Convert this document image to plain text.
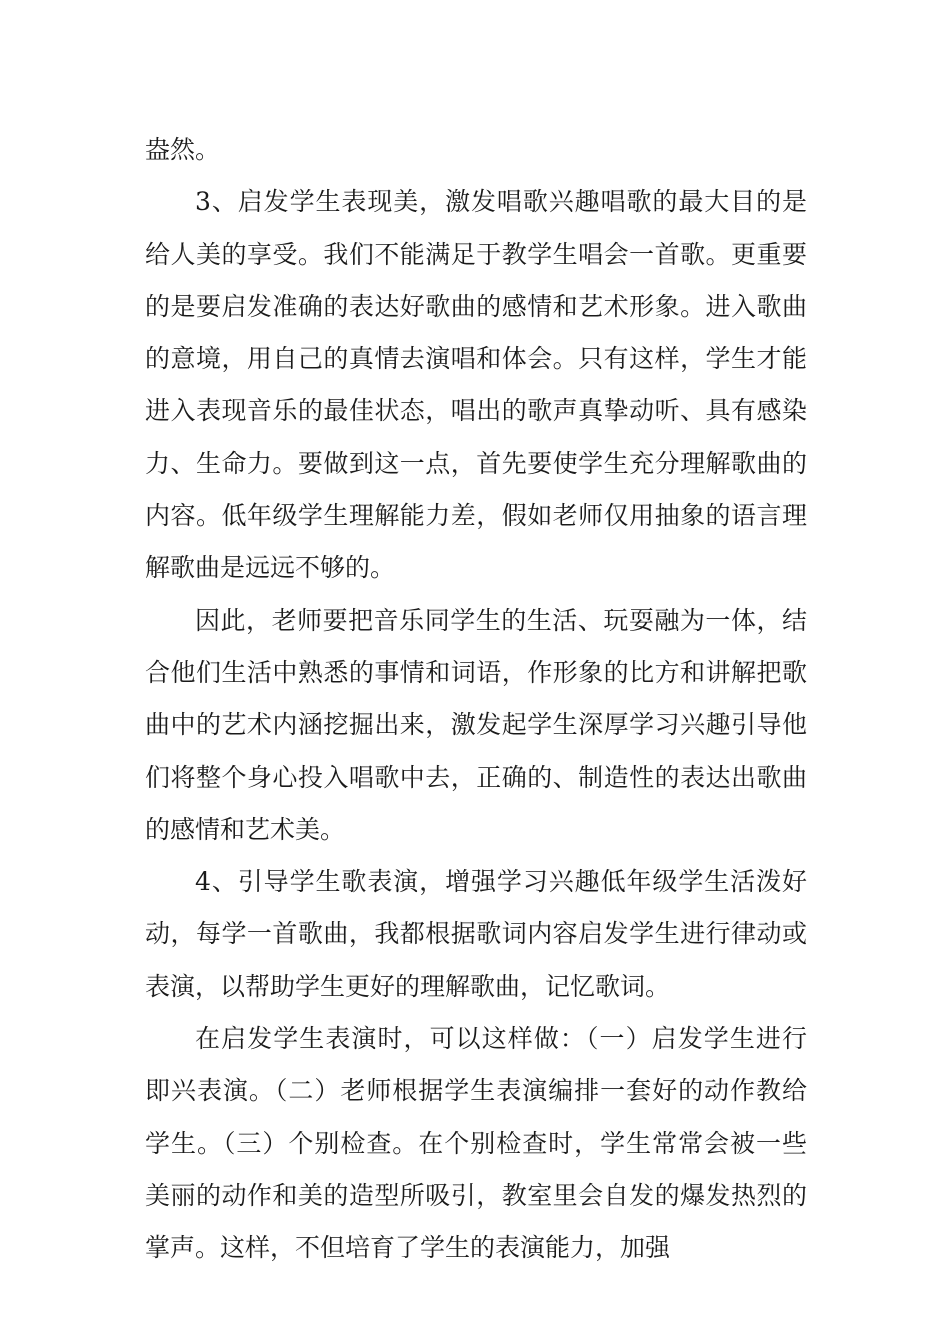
盎然。

3、启发学生表现美，激发唱歌兴趣唱歌的最大目的是给人美的享受。我们不能满足于教学生唱会一首歌。更重要的是要启发准确的表达好歌曲的感情和艺术形象。进入歌曲的意境，用自己的真情去演唱和体会。只有这样，学生才能进入表现音乐的最佳状态，唱出的歌声真挚动听、具有感染力、生命力。要做到这一点，首先要使学生充分理解歌曲的内容。低年级学生理解能力差，假如老师仅用抽象的语言理解歌曲是远远不够的。

因此，老师要把音乐同学生的生活、玩耍融为一体，结合他们生活中熟悉的事情和词语，作形象的比方和讲解把歌曲中的艺术内涵挖掘出来，激发起学生深厚学习兴趣引导他们将整个身心投入唱歌中去，正确的、制造性的表达出歌曲的感情和艺术美。

4、引导学生歌表演，增强学习兴趣低年级学生活泼好动，每学一首歌曲，我都根据歌词内容启发学生进行律动或表演，以帮助学生更好的理解歌曲，记忆歌词。

在启发学生表演时，可以这样做：（一）启发学生进行即兴表演。（二）老师根据学生表演编排一套好的动作教给学生。（三）个别检查。在个别检查时，学生常常会被一些美丽的动作和美的造型所吸引，教室里会自发的爆发热烈的掌声。这样，不但培育了学生的表演能力，加强
